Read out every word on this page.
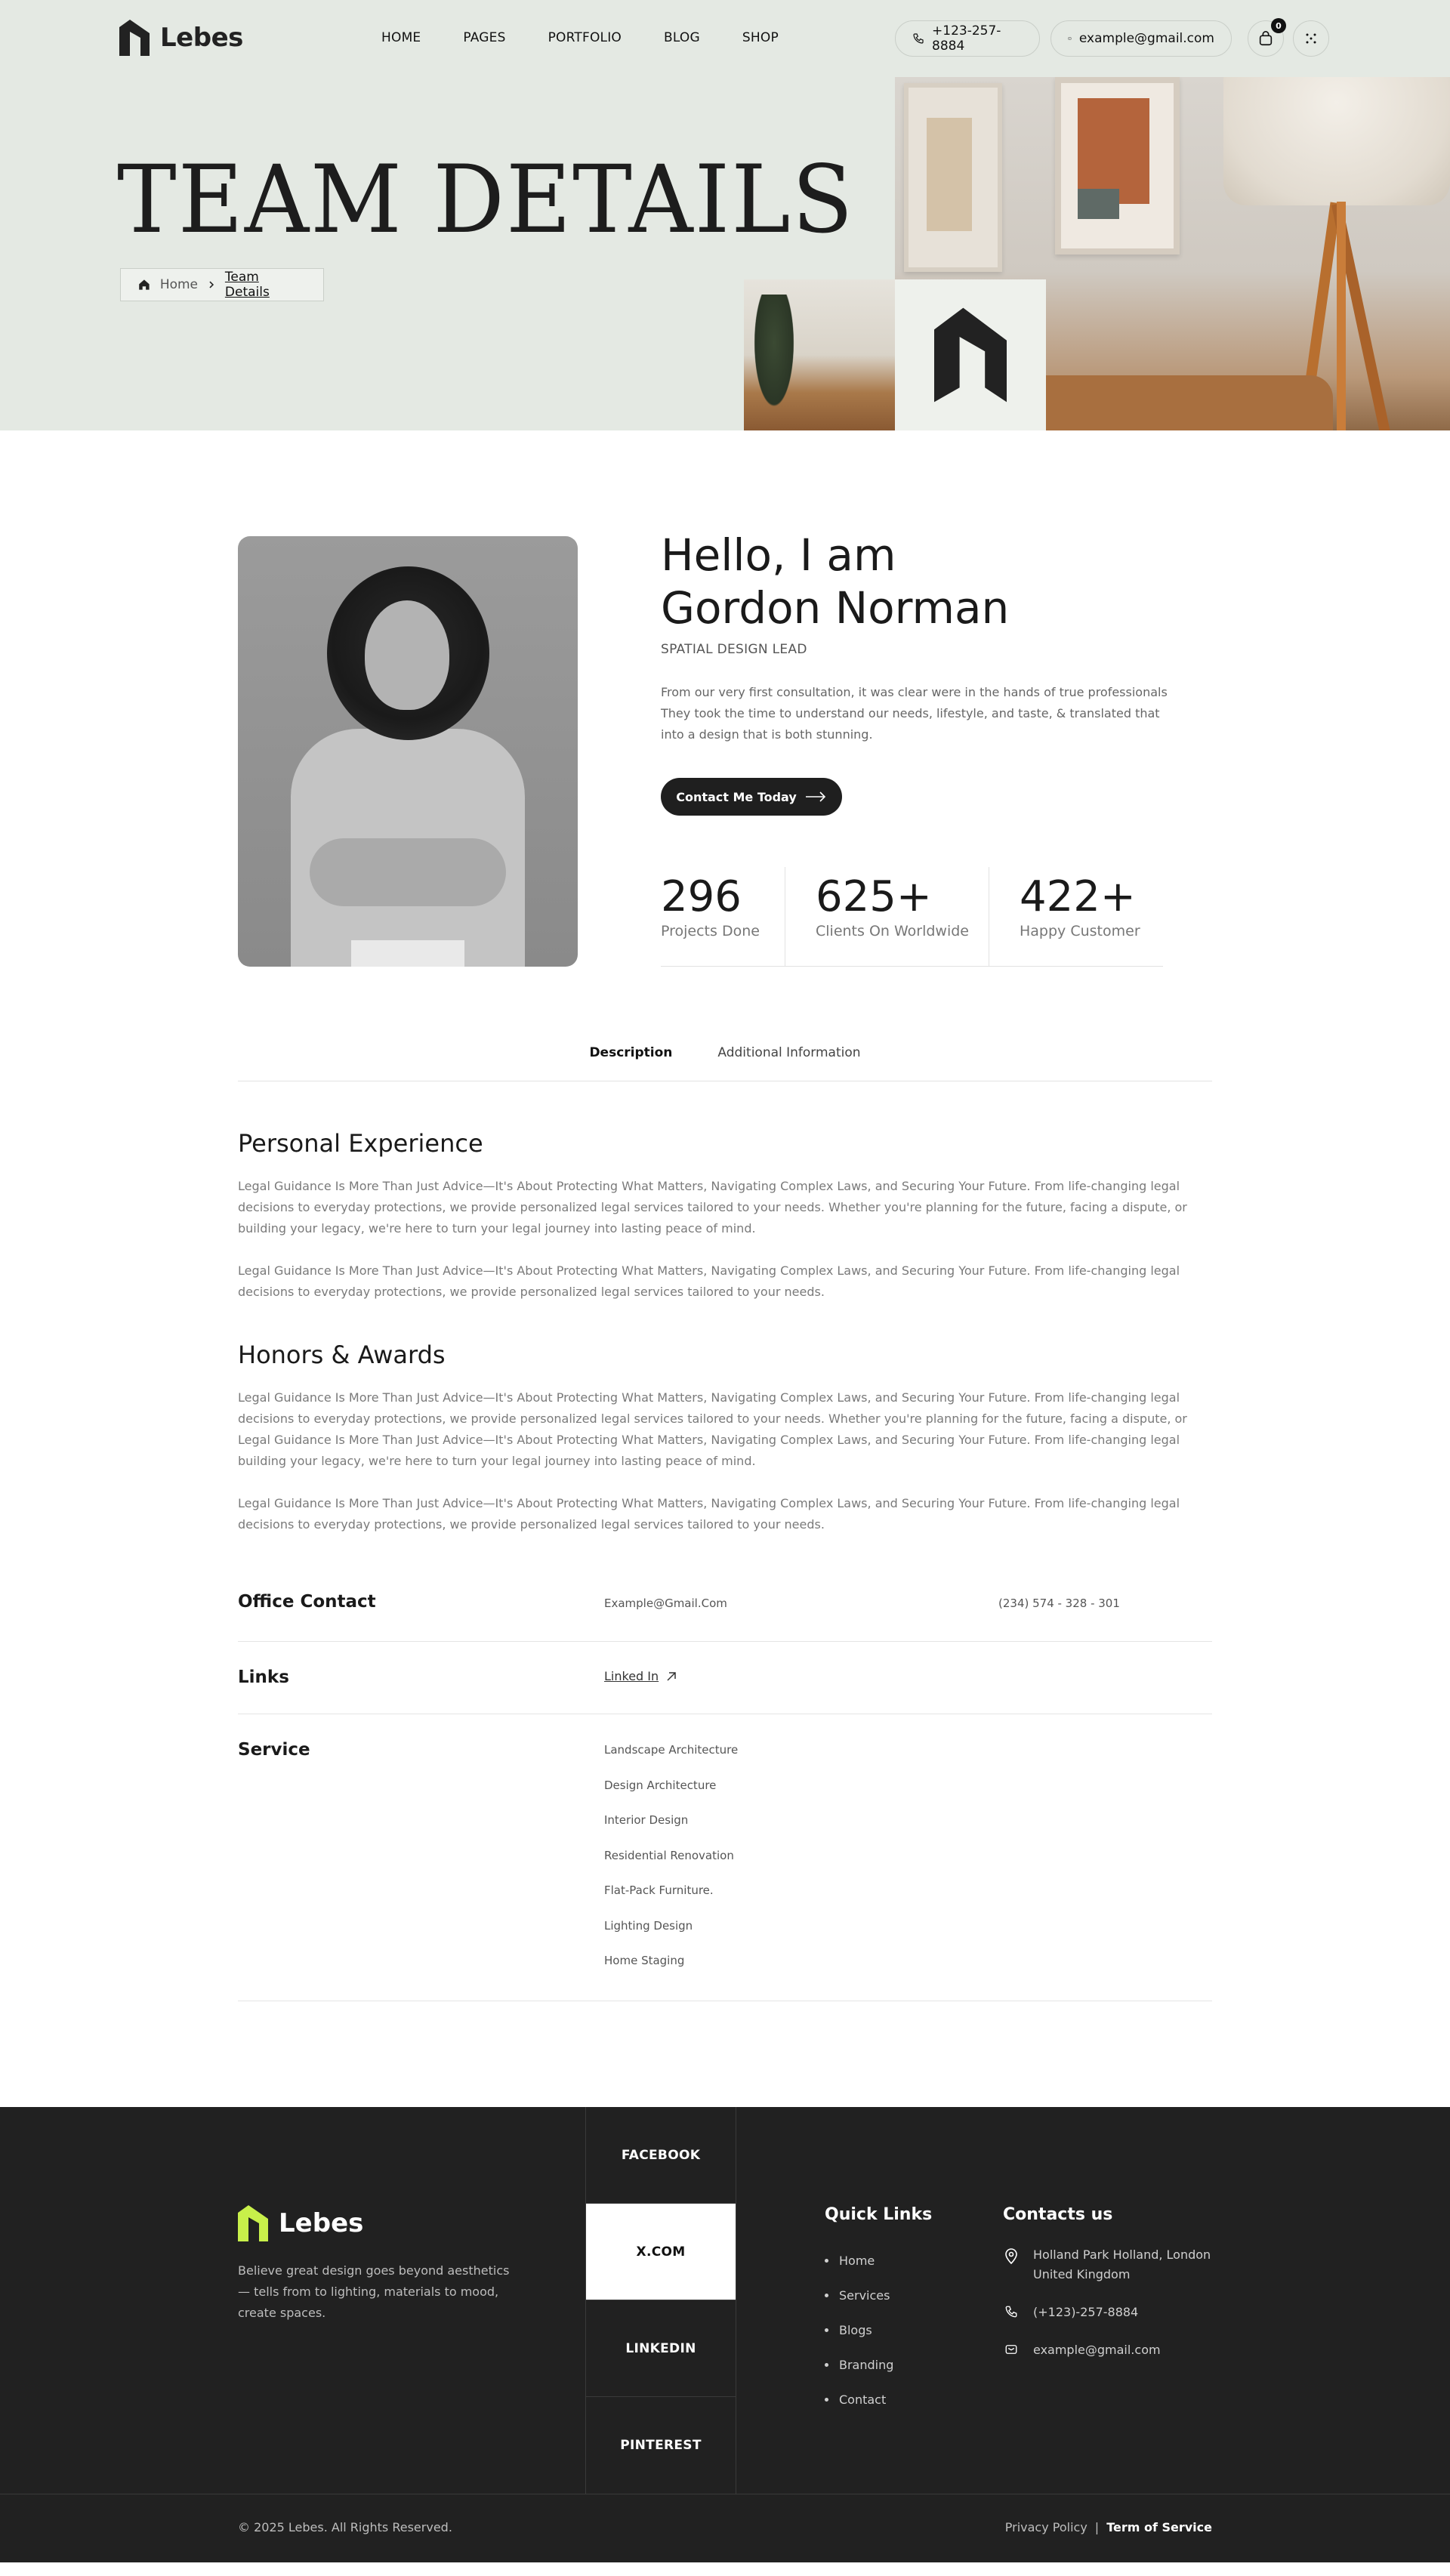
Lebes	HOME	PAGES	PORTFOLIO	BLOG	SHOP	+123-257-8884	example@gmail.com
0
TEAM DETAILS
Home Team Details
Hello, I am
Gordon Norman
SPATIAL DESIGN LEAD

From our very first consultation, it was clear were in the hands of true professionals They took the time to understand our needs, lifestyle, and taste, & translated that into a design that is both stunning.

Contact Me Today
296
Projects Done
625+
Clients On Worldwide
422+
Happy Customer
Description	Additional Information
Personal Experience

Legal Guidance Is More Than Just Advice—It's About Protecting What Matters, Navigating Complex Laws, and Securing Your Future. From life-changing legal decisions to everyday protections, we provide personalized legal services tailored to your needs. Whether you're planning for the future, facing a dispute, or building your legacy, we're here to turn your legal journey into lasting peace of mind.

Legal Guidance Is More Than Just Advice—It's About Protecting What Matters, Navigating Complex Laws, and Securing Your Future. From life-changing legal decisions to everyday protections, we provide personalized legal services tailored to your needs.

Honors & Awards

Legal Guidance Is More Than Just Advice—It's About Protecting What Matters, Navigating Complex Laws, and Securing Your Future. From life-changing legal decisions to everyday protections, we provide personalized legal services tailored to your needs. Whether you're planning for the future, facing a dispute, or Legal Guidance Is More Than Just Advice—It's About Protecting What Matters, Navigating Complex Laws, and Securing Your Future. From life-changing legal building your legacy, we're here to turn your legal journey into lasting peace of mind.

Legal Guidance Is More Than Just Advice—It's About Protecting What Matters, Navigating Complex Laws, and Securing Your Future. From life-changing legal decisions to everyday protections, we provide personalized legal services tailored to your needs.

Office Contact	Example@Gmail.Com	(234) 574 - 328 - 301
Links	Linked In
Service	Landscape Architecture
Design Architecture
Interior Design
Residential Renovation
Flat-Pack Furniture.
Lighting Design
Home Staging
Lebes

Believe great design goes beyond aesthetics — tells from to lighting, materials to mood, create spaces.

FACEBOOK
X.COM
LINKEDIN
PINTEREST
Quick Links
Home
Services
Blogs
Branding
Contact
Contacts us
Holland Park Holland, London United Kingdom
(+123)-257-8884
example@gmail.com
© 2025 Lebes. All Rights Reserved.	Privacy Policy | Term of Service
